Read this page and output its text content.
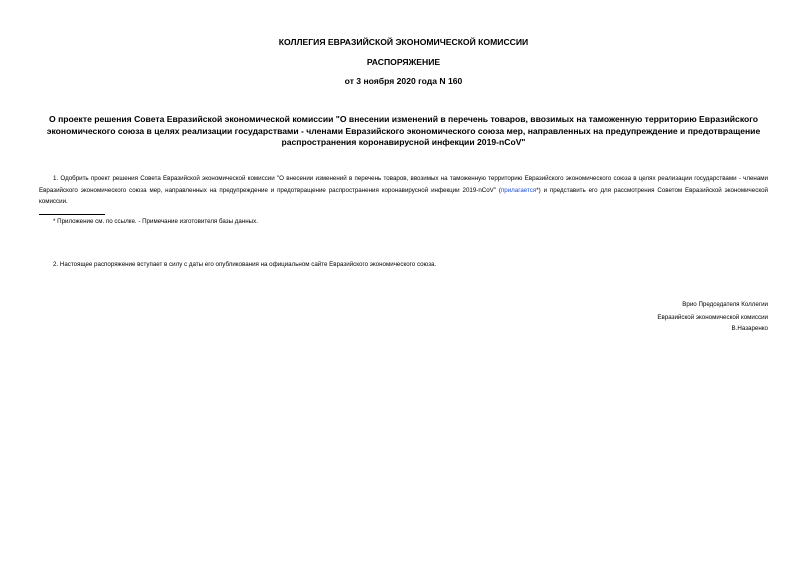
КОЛЛЕГИЯ ЕВРАЗИЙСКОЙ ЭКОНОМИЧЕСКОЙ КОМИССИИ

РАСПОРЯЖЕНИЕ

от 3 ноября 2020 года N 160

О проекте решения Совета Евразийской экономической комиссии "О внесении изменений в перечень товаров, ввозимых на таможенную территорию Евразийского экономического союза в целях реализации государствами - членами Евразийского экономического союза мер, направленных на предупреждение и предотвращение распространения коронавирусной инфекции 2019-nCoV"

1. Одобрить проект решения Совета Евразийской экономической комиссии "О внесении изменений в перечень товаров, ввозимых на таможенную территорию Евразийского экономического союза в целях реализации государствами - членами Евразийского экономического союза мер, направленных на предупреждение и предотвращение распространения коронавирусной инфекции 2019-nCoV" (прилагается*) и представить его для рассмотрения Советом Евразийской экономической комиссии.

* Приложение см. по ссылке. - Примечание изготовителя базы данных.

2. Настоящее распоряжение вступает в силу с даты его опубликования на официальном сайте Евразийского экономического союза.

Врио Председателя Коллегии

Евразийской экономической комиссии

В.Назаренко
